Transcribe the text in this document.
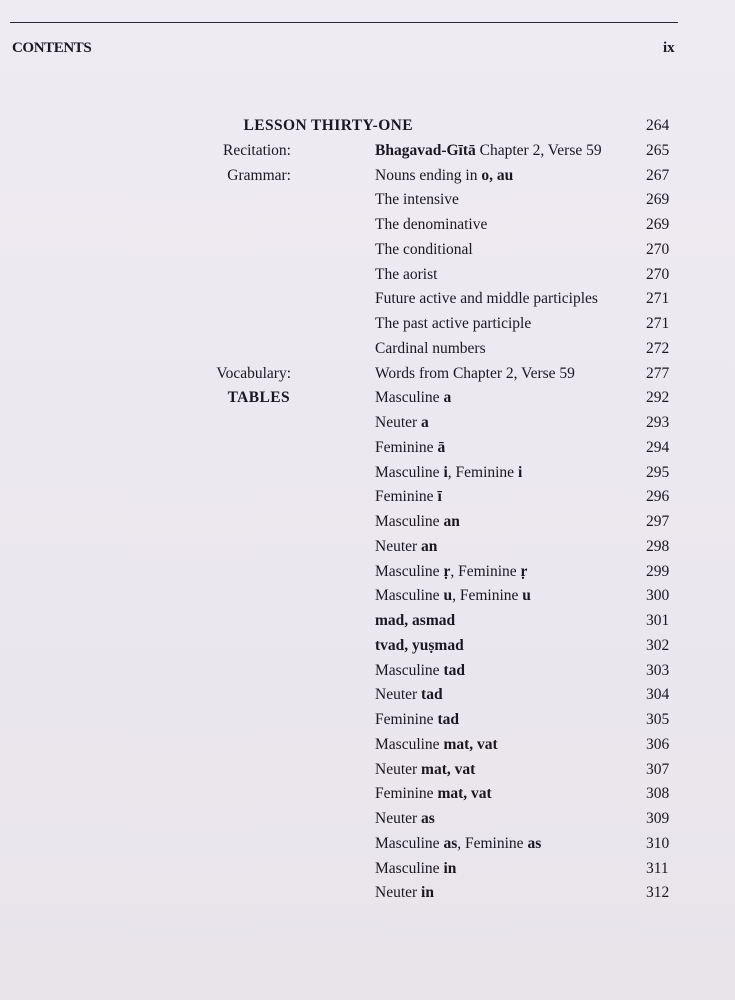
CONTENTS	ix
LESSON THIRTY-ONE	264
Recitation:	Bhagavad-Gītā Chapter 2, Verse 59	265
Grammar:	Nouns ending in o, au	267
The intensive	269
The denominative	269
The conditional	270
The aorist	270
Future active and middle participles	271
The past active participle	271
Cardinal numbers	272
Vocabulary:	Words from Chapter 2, Verse 59	277
TABLES	Masculine a	292
Neuter a	293
Feminine ā	294
Masculine i, Feminine i	295
Feminine ī	296
Masculine an	297
Neuter an	298
Masculine ṛ, Feminine ṛ	299
Masculine u, Feminine u	300
mad, asmad	301
tvad, yuṣmad	302
Masculine tad	303
Neuter tad	304
Feminine tad	305
Masculine mat, vat	306
Neuter mat, vat	307
Feminine mat, vat	308
Neuter as	309
Masculine as, Feminine as	310
Masculine in	311
Neuter in	312
